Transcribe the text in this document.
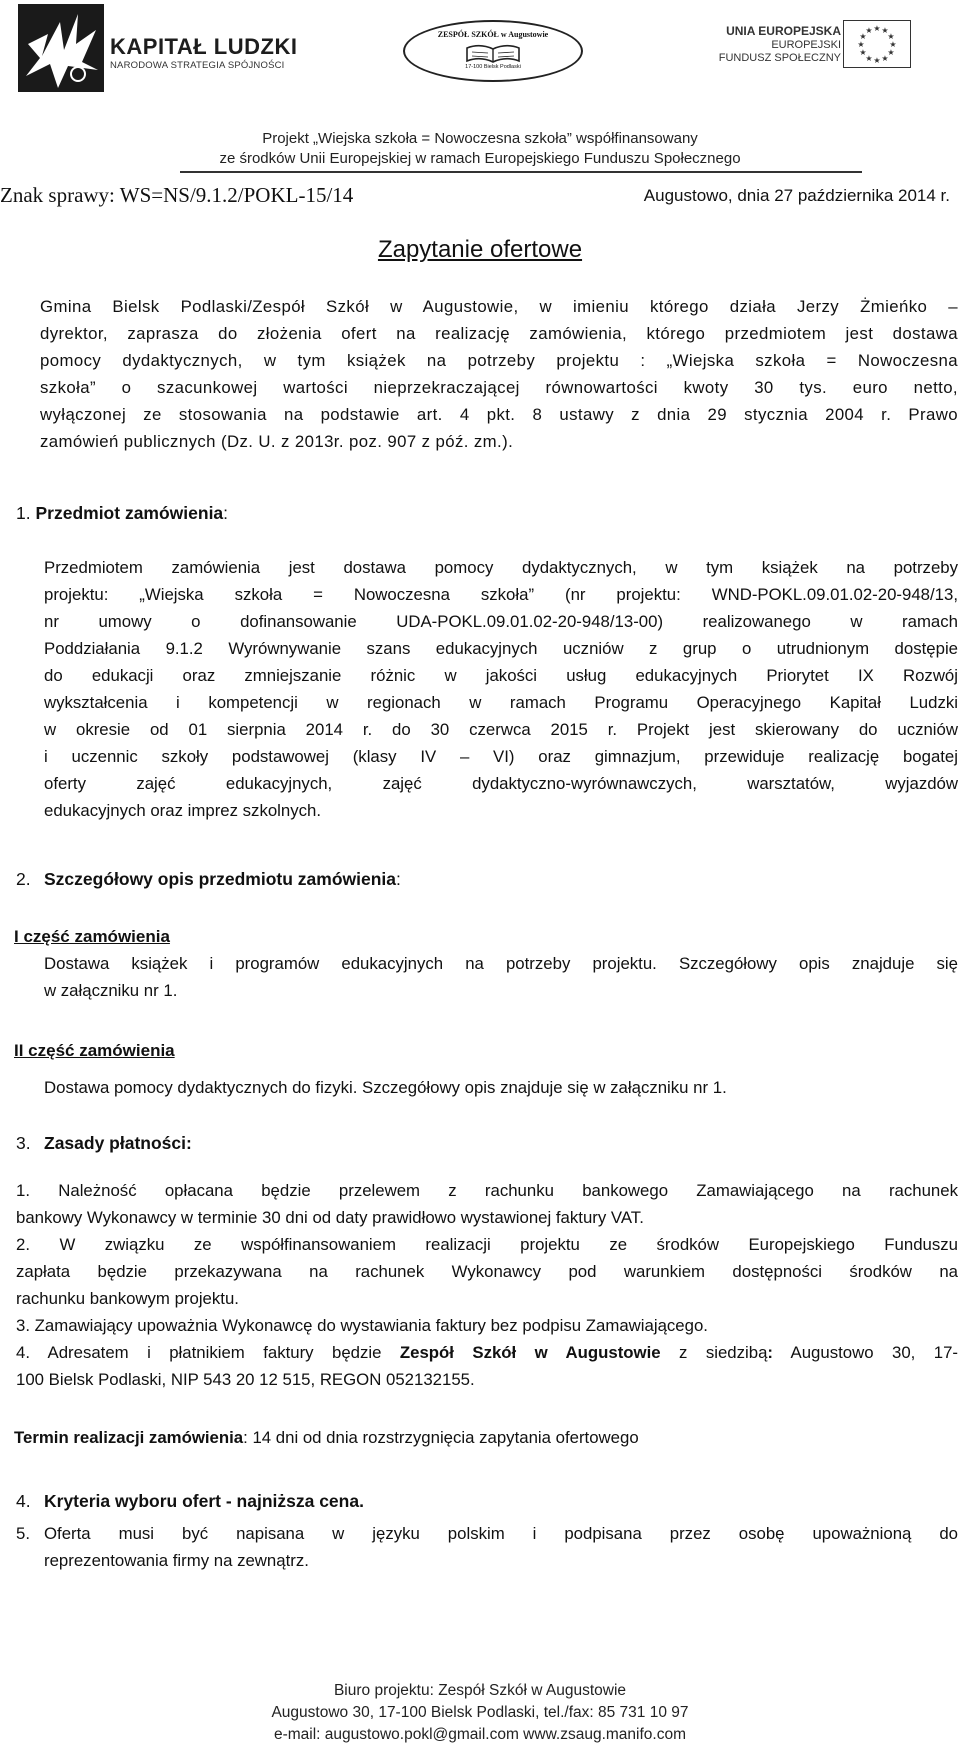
KAPITAŁ LUDZKI
NARODOWA STRATEGIA SPÓJNOŚCI
ZESPÓŁ SZKÓŁ w Augustowie
17-100 Bielsk Podlaski
UNIA EUROPEJSKA
EUROPEJSKI
FUNDUSZ SPOŁECZNY
★ ★
★
★
★
★
★
★
★
★
★
★
Projekt „Wiejska szkoła = Nowoczesna szkoła” współfinansowany
ze środków Unii Europejskiej w ramach Europejskiego Funduszu Społecznego
Znak sprawy: WS=NS/9.1.2/POKL-15/14	Augustowo, dnia 27 października 2014 r.
Zapytanie ofertowe
Gmina Bielsk Podlaski/Zespół Szkół w Augustowie, w imieniu którego działa Jerzy Żmieńko –
dyrektor, zaprasza do złożenia ofert na realizację zamówienia, którego przedmiotem jest dostawa
pomocy dydaktycznych, w tym książek na potrzeby projektu : „Wiejska szkoła = Nowoczesna
szkoła” o szacunkowej wartości nieprzekraczającej równowartości kwoty 30 tys. euro netto,
wyłączonej ze stosowania na podstawie art. 4 pkt. 8 ustawy z dnia 29 stycznia 2004 r. Prawo
zamówień publicznych (Dz. U. z 2013r. poz. 907 z póź. zm.).
1. Przedmiot zamówienia:
Przedmiotem zamówienia jest dostawa pomocy dydaktycznych, w tym książek na potrzeby
projektu: „Wiejska szkoła = Nowoczesna szkoła” (nr projektu: WND-POKL.09.01.02-20-948/13,
nr umowy o dofinansowanie UDA-POKL.09.01.02-20-948/13-00) realizowanego w ramach
Poddziałania 9.1.2 Wyrównywanie szans edukacyjnych uczniów z grup o utrudnionym dostępie
do edukacji oraz zmniejszanie różnic w jakości usług edukacyjnych Priorytet IX Rozwój
wykształcenia i kompetencji w regionach w ramach Programu Operacyjnego Kapitał Ludzki
w okresie od 01 sierpnia 2014 r. do 30 czerwca 2015 r. Projekt jest skierowany do uczniów
i uczennic szkoły podstawowej (klasy IV – VI) oraz gimnazjum, przewiduje realizację bogatej
oferty zajęć edukacyjnych, zajęć dydaktyczno-wyrównawczych, warsztatów, wyjazdów
edukacyjnych oraz imprez szkolnych.
2. Szczegółowy opis przedmiotu zamówienia:
I część zamówienia
Dostawa książek i programów edukacyjnych na potrzeby projektu. Szczegółowy opis znajduje się
w załączniku nr 1.
II część zamówienia
Dostawa pomocy dydaktycznych do fizyki. Szczegółowy opis znajduje się w załączniku nr 1.
3. Zasady płatności:
1. Należność opłacana będzie przelewem z rachunku bankowego Zamawiającego na rachunek
bankowy Wykonawcy w terminie 30 dni od daty prawidłowo wystawionej faktury VAT.
2. W związku ze współfinansowaniem realizacji projektu ze środków Europejskiego Funduszu
zapłata będzie przekazywana na rachunek Wykonawcy pod warunkiem dostępności środków na
rachunku bankowym projektu.
3. Zamawiający upoważnia Wykonawcę do wystawiania faktury bez podpisu Zamawiającego.
4. Adresatem i płatnikiem faktury będzie Zespół Szkół w Augustowie z siedzibą: Augustowo 30, 17-
100 Bielsk Podlaski, NIP 543 20 12 515, REGON 052132155.
Termin realizacji zamówienia: 14 dni od dnia rozstrzygnięcia zapytania ofertowego
4. Kryteria wyboru ofert - najniższa cena.
5. Oferta musi być napisana w języku polskim i podpisana przez osobę upoważnioną do
reprezentowania firmy na zewnątrz.
Biuro projektu: Zespół Szkół w Augustowie
Augustowo 30, 17-100 Bielsk Podlaski, tel./fax: 85 731 10 97
e-mail: augustowo.pokl@gmail.com www.zsaug.manifo.com
